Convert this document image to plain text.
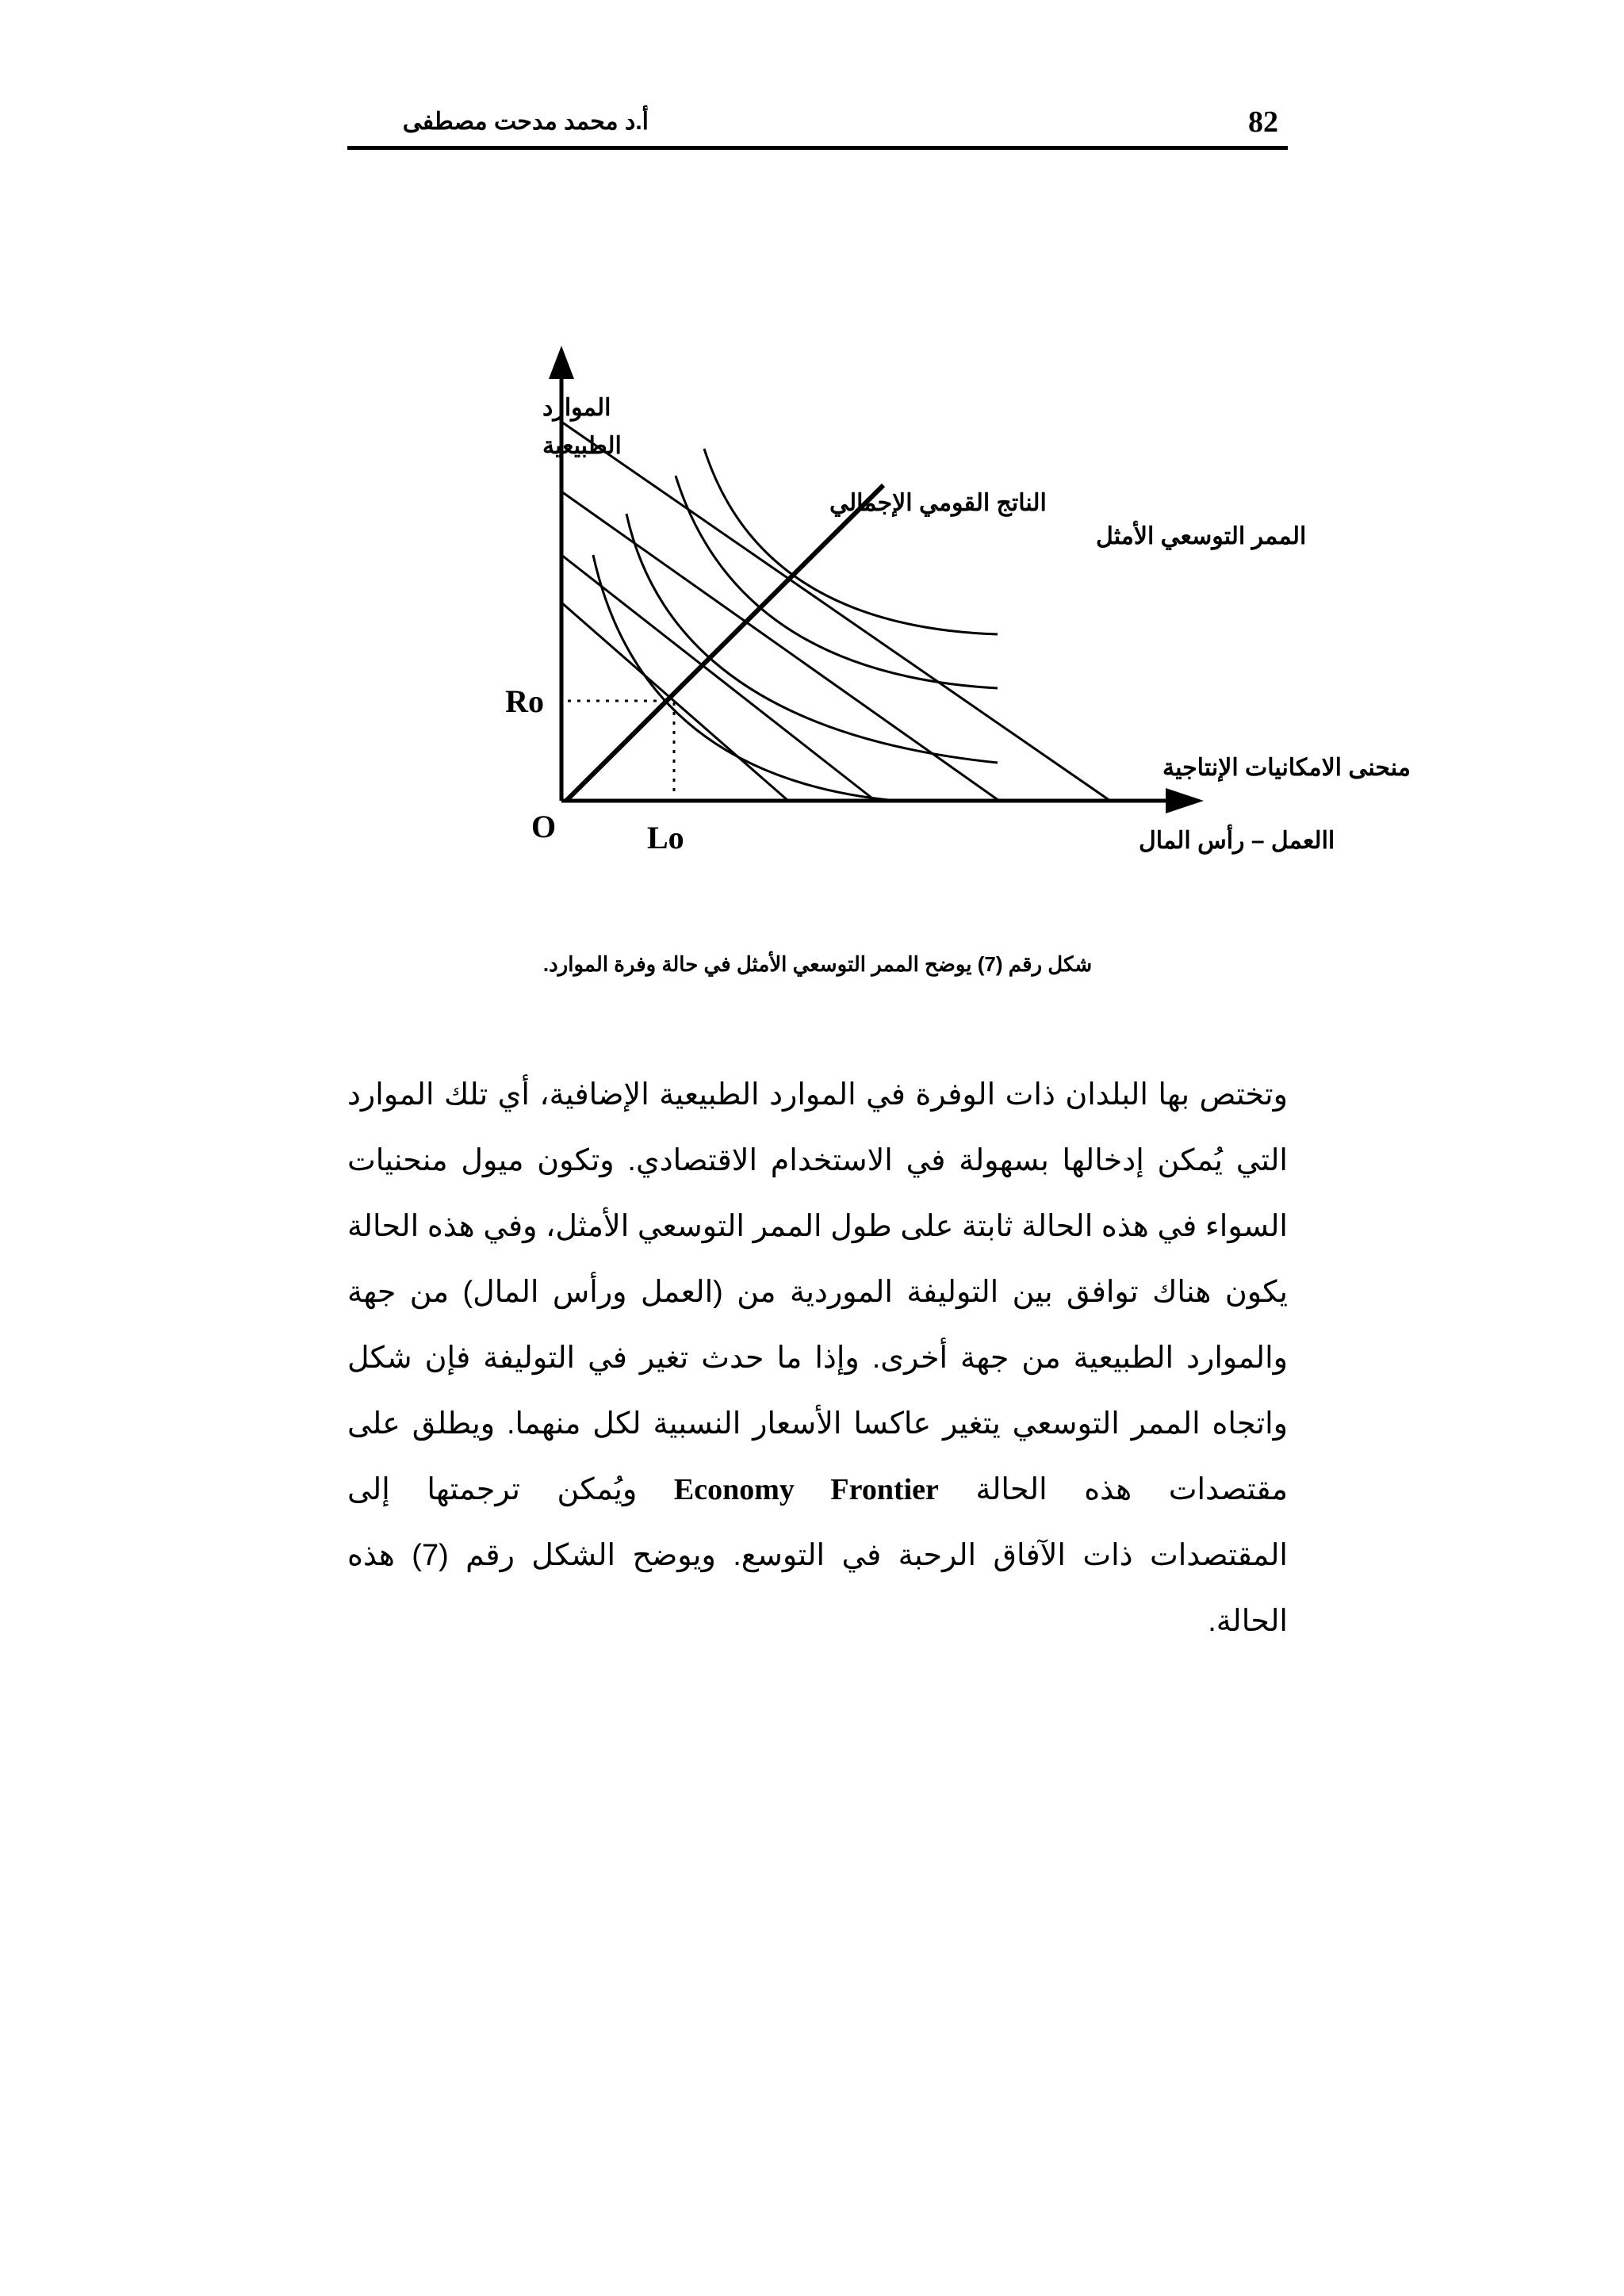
أ.د محمد مدحت مصطفى	82
الموارد
الطبيعية
الناتج القومي الإجمالي
الممر التوسعي الأمثل
منحنى الامكانيات الإنتاجية
االعمل – رأس المال
Ro
O	Lo
شكل رقم (7) يوضح الممر التوسعي الأمثل في حالة وفرة الموارد.
وتختص بها البلدان ذات الوفرة في الموارد الطبيعية الإضافية، أي تلك الموارد
التي يُمكن إدخالها بسهولة في الاستخدام الاقتصادي. وتكون ميول منحنيات
السواء في هذه الحالة ثابتة على طول الممر التوسعي الأمثل، وفي هذه الحالة
يكون هناك توافق بين التوليفة الموردية من (العمل ورأس المال) من جهة
والموارد الطبيعية من جهة أخرى. وإذا ما حدث تغير في التوليفة فإن شكل
واتجاه الممر التوسعي يتغير عاكسا الأسعار النسبية لكل منهما. ويطلق على
مقتصدات هذه الحالة Economy Frontier ويُمكن ترجمتها إلى
المقتصدات ذات الآفاق الرحبة في التوسع. ويوضح الشكل رقم (7) هذه
الحالة.
